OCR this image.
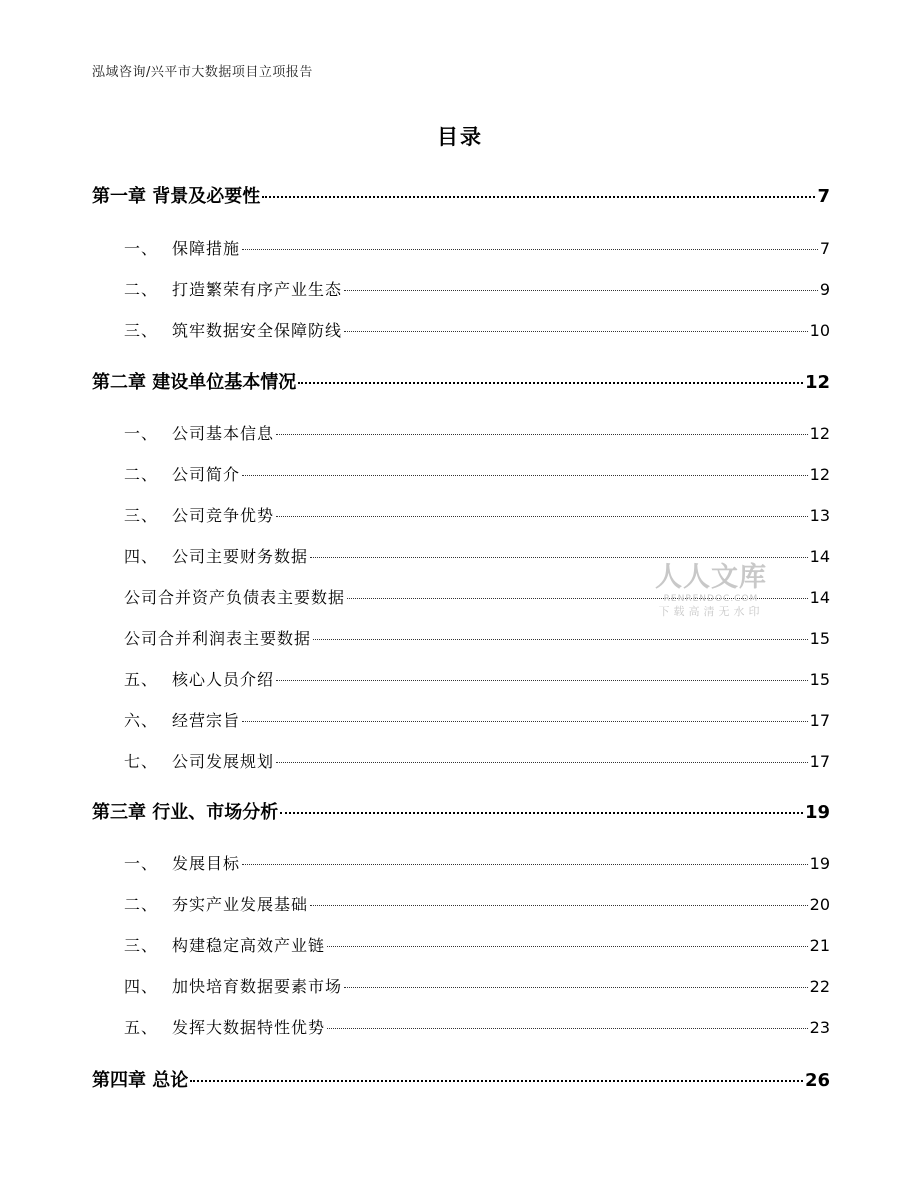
泓域咨询/兴平市大数据项目立项报告
目录
第一章 背景及必要性	7
一、 保障措施	7
二、 打造繁荣有序产业生态	9
三、 筑牢数据安全保障防线	10
第二章 建设单位基本情况	12
一、 公司基本信息	12
二、 公司简介	12
三、 公司竞争优势	13
四、 公司主要财务数据	14
公司合并资产负债表主要数据	14
公司合并利润表主要数据	15
五、 核心人员介绍	15
六、 经营宗旨	17
七、 公司发展规划	17
第三章 行业、市场分析	19
一、 发展目标	19
二、 夯实产业发展基础	20
三、 构建稳定高效产业链	21
四、 加快培育数据要素市场	22
五、 发挥大数据特性优势	23
第四章 总论	26
人人文库
RENRENDOC.COM
下载高清无水印
